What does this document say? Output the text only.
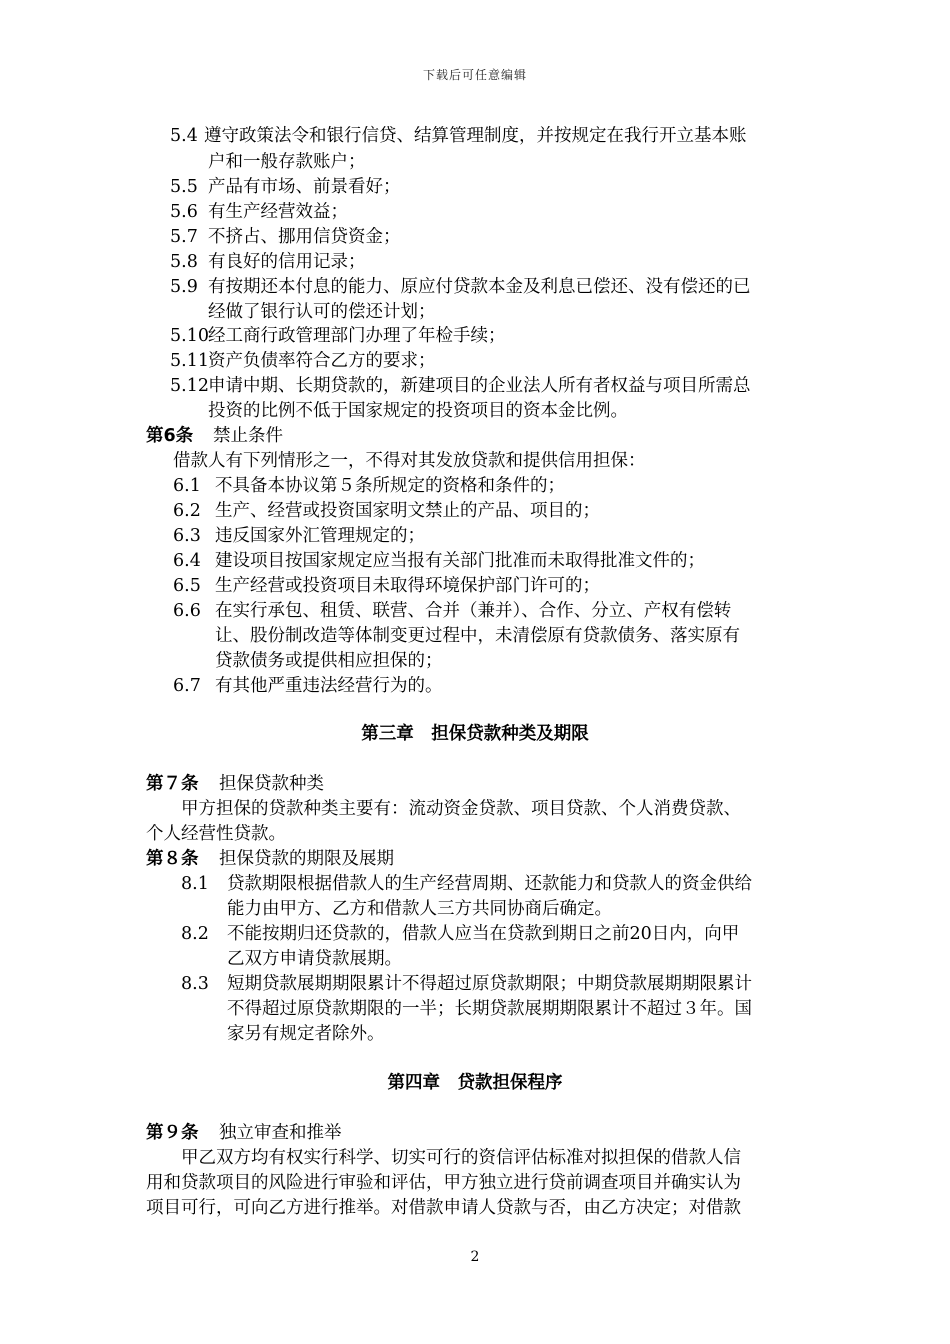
下载后可任意编辑
5.4 遵守政策法令和银行信贷、结算管理制度，并按规定在我行开立基本账
户和一般存款账户；
5.5 产品有市场、前景看好；
5.6 有生产经营效益；
5.7 不挤占、挪用信贷资金；
5.8 有良好的信用记录；
5.9 有按期还本付息的能力、原应付贷款本金及利息已偿还、没有偿还的已
经做了银行认可的偿还计划；
5.10经工商行政管理部门办理了年检手续；
5.11资产负债率符合乙方的要求；
5.12申请中期、长期贷款的，新建项目的企业法人所有者权益与项目所需总
投资的比例不低于国家规定的投资项目的资本金比例。
第6条 禁止条件
借款人有下列情形之一，不得对其发放贷款和提供信用担保：
6.1 不具备本协议第５条所规定的资格和条件的；
6.2 生产、经营或投资国家明文禁止的产品、项目的；
6.3 违反国家外汇管理规定的；
6.4 建设项目按国家规定应当报有关部门批准而未取得批准文件的；
6.5 生产经营或投资项目未取得环境保护部门许可的；
6.6 在实行承包、租赁、联营、合并（兼并）、合作、分立、产权有偿转
让、股份制改造等体制变更过程中，未清偿原有贷款债务、落实原有
贷款债务或提供相应担保的；
6.7 有其他严重违法经营行为的。
第三章　担保贷款种类及期限
第７条 担保贷款种类
甲方担保的贷款种类主要有：流动资金贷款、项目贷款、个人消费贷款、
个人经营性贷款。
第８条 担保贷款的期限及展期
8.1 贷款期限根据借款人的生产经营周期、还款能力和贷款人的资金供给
能力由甲方、乙方和借款人三方共同协商后确定。
8.2 不能按期归还贷款的，借款人应当在贷款到期日之前20日内，向甲
乙双方申请贷款展期。
8.3 短期贷款展期期限累计不得超过原贷款期限；中期贷款展期期限累计
不得超过原贷款期限的一半；长期贷款展期期限累计不超过３年。国
家另有规定者除外。
第四章　贷款担保程序
第９条 独立审查和推举
甲乙双方均有权实行科学、切实可行的资信评估标准对拟担保的借款人信
用和贷款项目的风险进行审验和评估，甲方独立进行贷前调查项目并确实认为
项目可行，可向乙方进行推举。对借款申请人贷款与否，由乙方决定；对借款
2
